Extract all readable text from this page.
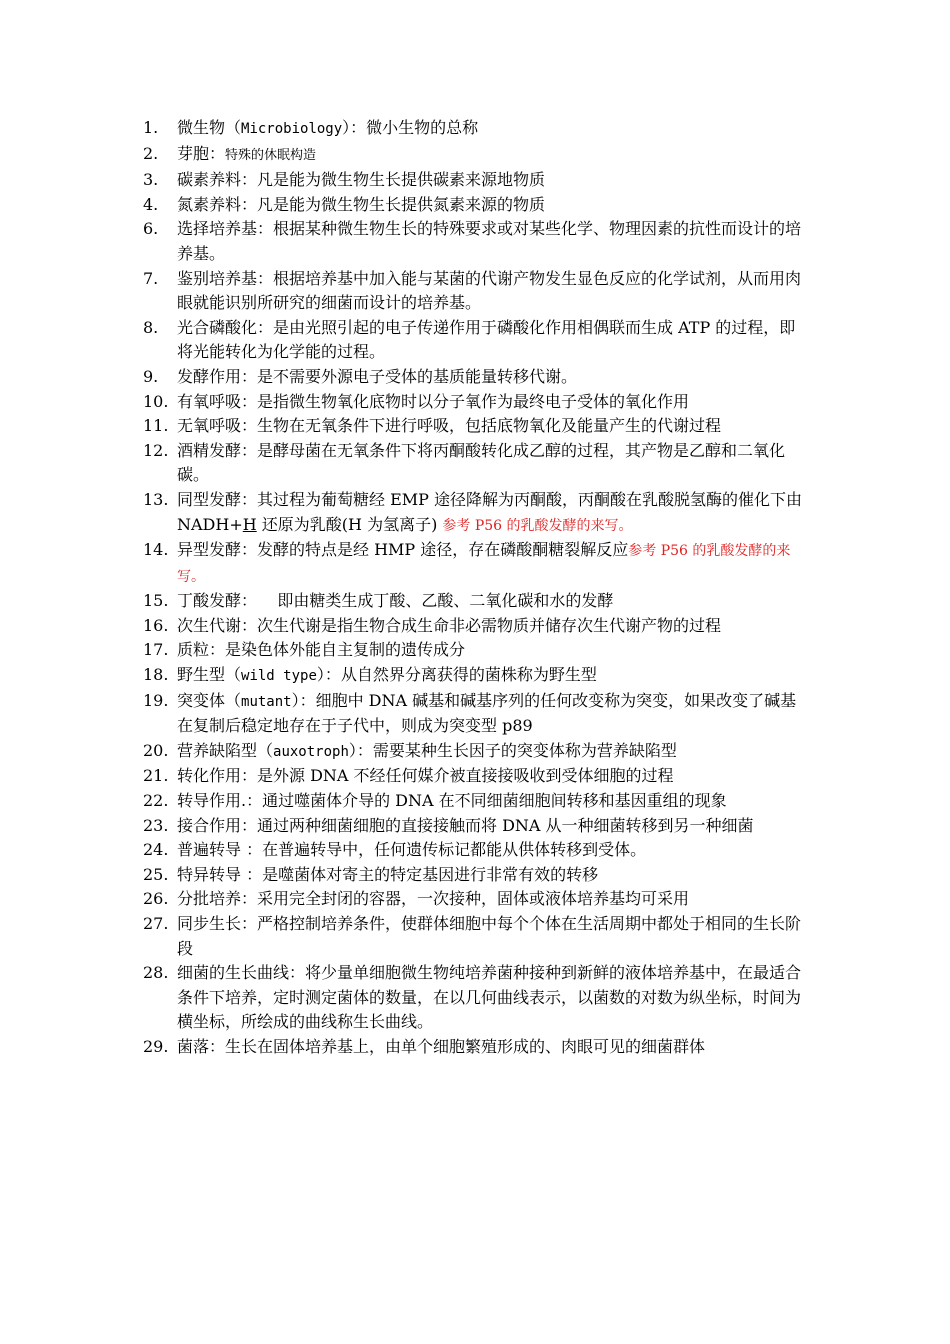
1.	微生物（Microbiology）：微小生物的总称

2.	芽胞：特殊的休眠构造

3.	碳素养料：凡是能为微生物生长提供碳素来源地物质

4.	氮素养料：凡是能为微生物生长提供氮素来源的物质

6.	选择培养基：根据某种微生物生长的特殊要求或对某些化学、物理因素的抗性而设计的培养基。

7.	鉴别培养基：根据培养基中加入能与某菌的代谢产物发生显色反应的化学试剂，从而用肉眼就能识别所研究的细菌而设计的培养基。

8.	光合磷酸化：是由光照引起的电子传递作用于磷酸化作用相偶联而生成 ATP 的过程，即将光能转化为化学能的过程。

9.	发酵作用：是不需要外源电子受体的基质能量转移代谢。

10. 有氧呼吸：是指微生物氧化底物时以分子氧作为最终电子受体的氧化作用

11. 无氧呼吸：生物在无氧条件下进行呼吸，包括底物氧化及能量产生的代谢过程

12. 酒精发酵：是酵母菌在无氧条件下将丙酮酸转化成乙醇的过程，其产物是乙醇和二氧化碳。

13. 同型发酵：其过程为葡萄糖经 EMP 途径降解为丙酮酸，丙酮酸在乳酸脱氢酶的催化下由 NADH+H 还原为乳酸(H 为氢离子) 参考 P56 的乳酸发酵的来写。

14. 异型发酵：发酵的特点是经 HMP 途径，存在磷酸酮糖裂解反应参考 P56 的乳酸发酵的来写。

15. 丁酸发酵：    即由糖类生成丁酸、乙酸、二氧化碳和水的发酵

16. 次生代谢：次生代谢是指生物合成生命非必需物质并储存次生代谢产物的过程

17. 质粒：是染色体外能自主复制的遗传成分

18. 野生型（wild type）：从自然界分离获得的菌株称为野生型

19. 突变体（mutant）：细胞中 DNA 碱基和碱基序列的任何改变称为突变，如果改变了碱基在复制后稳定地存在于子代中，则成为突变型 p89

20. 营养缺陷型（auxotroph）：需要某种生长因子的突变体称为营养缺陷型

21. 转化作用：是外源 DNA 不经任何媒介被直接接吸收到受体细胞的过程

22. 转导作用.：通过噬菌体介导的 DNA 在不同细菌细胞间转移和基因重组的现象

23. 接合作用：通过两种细菌细胞的直接接触而将 DNA 从一种细菌转移到另一种细菌

24. 普遍转导 ：在普遍转导中，任何遗传标记都能从供体转移到受体。

25. 特异转导 ：是噬菌体对寄主的特定基因进行非常有效的转移

26. 分批培养：采用完全封闭的容器，一次接种，固体或液体培养基均可采用

27. 同步生长：严格控制培养条件，使群体细胞中每个个体在生活周期中都处于相同的生长阶段

28. 细菌的生长曲线：将少量单细胞微生物纯培养菌种接种到新鲜的液体培养基中，在最适合条件下培养，定时测定菌体的数量，在以几何曲线表示，以菌数的对数为纵坐标，时间为横坐标，所绘成的曲线称生长曲线。

29. 菌落：生长在固体培养基上，由单个细胞繁殖形成的、肉眼可见的细菌群体
